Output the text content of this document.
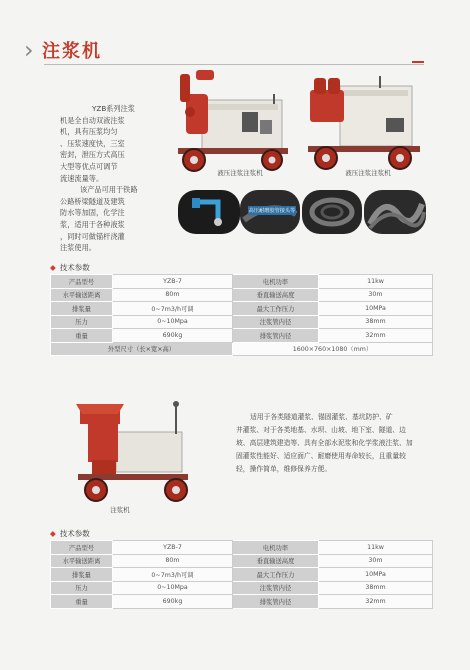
› 注浆机
YZB系列注浆
机是全自动双液注浆
机，具有压浆均匀
、压浆速度快，三室
密封，泄压方式高压
大型等优点可调节
流速流量等。
该产品可用于铁路
公路桥梁隧道及建筑
防水等加固，化学注
浆，适用于各种液浆
，同时可做锚杆浇灌
注浆使用。
液压注浆注浆机	液压注浆注浆机
高压耐磨胶管接头等
◆ 技术参数
产品型号	YZB-7	电机功率	11kw
水平输送距离	80m	垂直输送高度	30m
排浆量	0~7m3/h可调	最大工作压力	10MPa
压力	0~10Mpa	注浆管内径	38mm
重量	690kg	排浆管内径	32mm
外型尺寸（长×宽×高）		1600×760×1080（mm）	
注浆机
适用于各类隧道灌浆、锚固灌浆、基坑防护、矿
井灌浆、对于各类地基、水坝、山坡、地下室、隧道、边
坡、高层建筑建造等、具有全部水泥浆和化学浆液注浆、加
固灌浆性能好、适应面广、耐磨使用寿命较长，且重量较
轻，操作简单，维修保养方便。
◆ 技术参数
产品型号	YZB-7	电机功率	11kw
水平输送距离	80m	垂直输送高度	30m
排浆量	0~7m3/h可调	最大工作压力	10MPa
压力	0~10Mpa	注浆管内径	38mm
重量	690kg	排浆管内径	32mm
